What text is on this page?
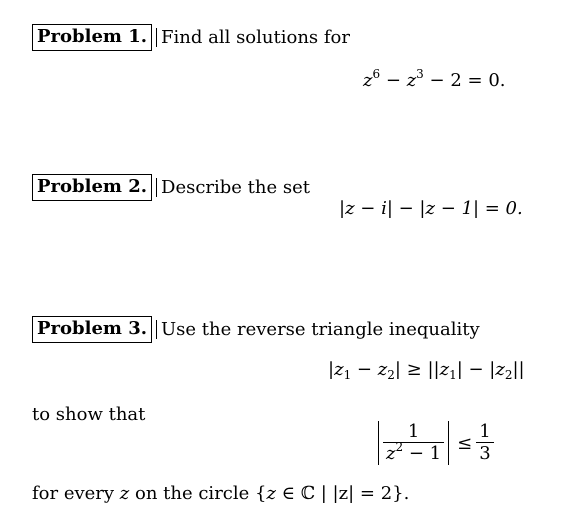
Problem 1. Find all solutions for
$z^6 - z^3 - 2 = 0$.
Problem 2. Describe the set
|z − i| − |z − 1| = 0.
Problem 3. Use the reverse triangle inequality
$|z_1 - z_2| \ge ||z_1| - |z_2||$
to show that
$\frac{1}{z^2 - 1} \le \frac{1}{3}$
for every z on the circle {z ∈ ℂ | |z| = 2}.
